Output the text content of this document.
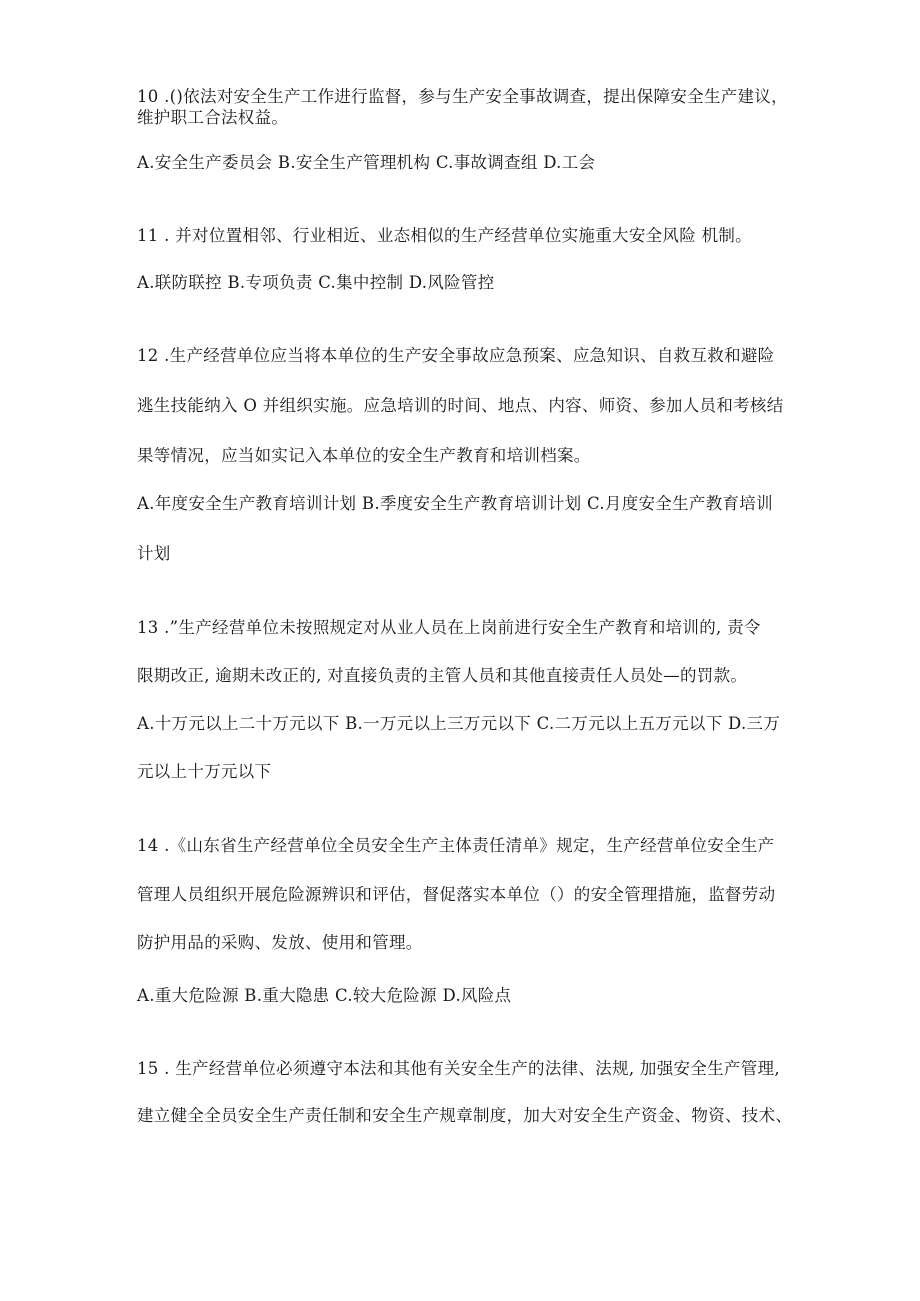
10 .()依法对安全生产工作进行监督，参与生产安全事故调查，提出保障安全生产建议，
维护职工合法权益。
A.安全生产委员会 B.安全生产管理机构 C.事故调查组 D.工会
11 . 并对位置相邻、行业相近、业态相似的生产经营单位实施重大安全风险 机制。
A.联防联控 B.专项负责 C.集中控制 D.风险管控
12 .生产经营单位应当将本单位的生产安全事故应急预案、应急知识、自救互救和避险
逃生技能纳入 O 并组织实施。应急培训的时间、地点、内容、师资、参加人员和考核结
果等情况，应当如实记入本单位的安全生产教育和培训档案。
A.年度安全生产教育培训计划 B.季度安全生产教育培训计划 C.月度安全生产教育培训
计划
13 .”生产经营单位未按照规定对从业人员在上岗前进行安全生产教育和培训的, 责令
限期改正, 逾期未改正的, 对直接负责的主管人员和其他直接责任人员处—的罚款。
A.十万元以上二十万元以下 B.一万元以上三万元以下 C.二万元以上五万元以下 D.三万
元以上十万元以下
14 .《山东省生产经营单位全员安全生产主体责任清单》规定，生产经营单位安全生产
管理人员组织开展危险源辨识和评估，督促落实本单位（）的安全管理措施，监督劳动
防护用品的采购、发放、使用和管理。
A.重大危险源 B.重大隐患 C.较大危险源 D.风险点
15 . 生产经营单位必须遵守本法和其他有关安全生产的法律、法规, 加强安全生产管理,
建立健全全员安全生产责任制和安全生产规章制度，加大对安全生产资金、物资、技术、
